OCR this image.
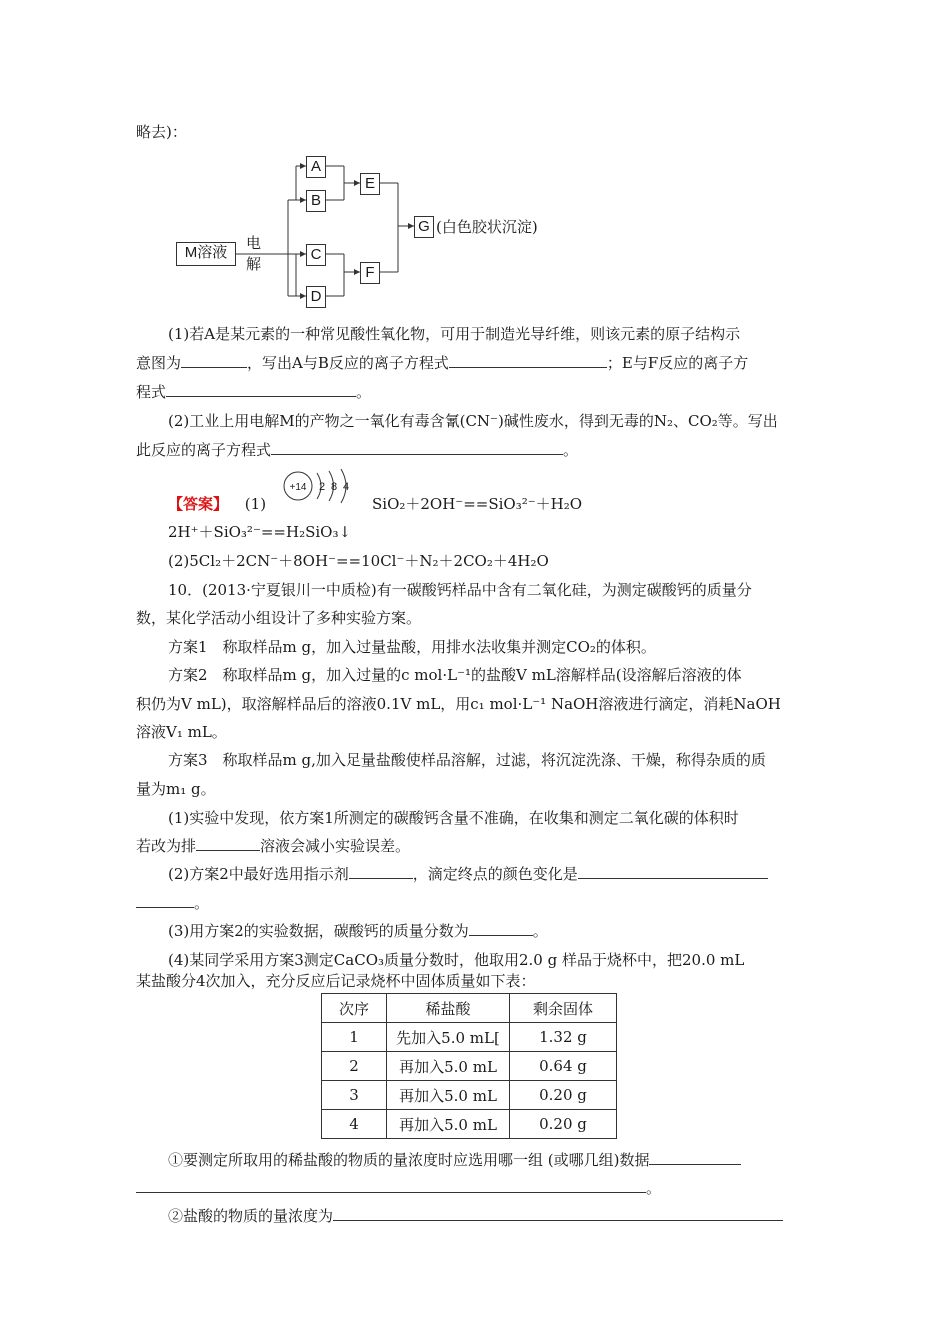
略去)：
M溶液
电解
A
B
C
D
E
F
G (白色胶状沉淀)
(1)若A是某元素的一种常见酸性氧化物，可用于制造光导纤维，则该元素的原子结构示
意图为	，写出A与B反应的离子方程式	；E与F反应的离子方
程式	。
(2)工业上用电解M的产物之一氧化有毒含氰(CN⁻)碱性废水，得到无毒的N₂、CO₂等。写出
此反应的离子方程式	。
【答案】 (1)
+14 2 8 4
SiO₂＋2OH⁻==SiO₃²⁻＋H₂O
2H⁺＋SiO₃²⁻==H₂SiO₃↓
(2)5Cl₂＋2CN⁻＋8OH⁻==10Cl⁻＋N₂＋2CO₂＋4H₂O
10．(2013·宁夏银川一中质检)有一碳酸钙样品中含有二氧化硅，为测定碳酸钙的质量分
数，某化学活动小组设计了多种实验方案。
方案1　称取样品m g，加入过量盐酸，用排水法收集并测定CO₂的体积。
方案2　称取样品m g，加入过量的c mol·L⁻¹的盐酸V mL溶解样品(设溶解后溶液的体
积仍为V mL)，取溶解样品后的溶液0.1V mL，用c₁ mol·L⁻¹ NaOH溶液进行滴定，消耗NaOH
溶液V₁ mL。
方案3　称取样品m g,加入足量盐酸使样品溶解，过滤，将沉淀洗涤、干燥，称得杂质的质
量为m₁ g。
(1)实验中发现，依方案1所测定的碳酸钙含量不准确，在收集和测定二氧化碳的体积时
若改为排	溶液会减小实验误差。
(2)方案2中最好选用指示剂	，滴定终点的颜色变化是
。
(3)用方案2的实验数据，碳酸钙的质量分数为	。
(4)某同学采用方案3测定CaCO₃质量分数时，他取用2.0 g 样品于烧杯中，把20.0 mL
某盐酸分4次加入，充分反应后记录烧杯中固体质量如下表：
次序	稀盐酸	剩余固体
1	先加入5.0 mL[	1.32 g
2	再加入5.0 mL	0.64 g
3	再加入5.0 mL	0.20 g
4	再加入5.0 mL	0.20 g
①要测定所取用的稀盐酸的物质的量浓度时应选用哪一组 (或哪几组)数据
。
②盐酸的物质的量浓度为
